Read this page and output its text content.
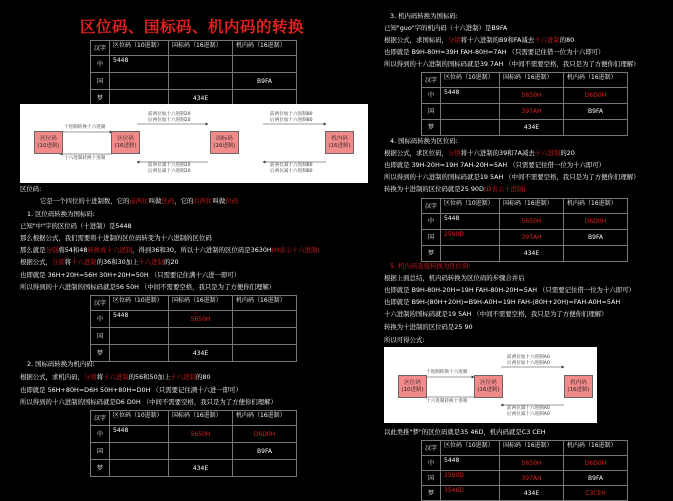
区位码、国标码、机内码的转换
汉字	区位码（10进制）	国标码（16进制）	机内码（16进制）
中	5448		
国			B9FA
梦		434E	
区位码
(10进制)
区位码
(16进制)
国标码
(16进制)
机内码
(16进制)
十进制转换十六进制
十六进制转换十进制
前两位加十六进制20
后两位加十六进制20
前两位减十六进制20
后两位减十六进制20
前两位加十六进制80
后两位加十六进制80
前两位减十六进制80
后两位减十六进制80
区位码:
它是一个四位的十进制数，它的前两位叫做区码，它的后两位叫做位码
1. 区位码转换为国标码:
已知"中"字的区位码（十进制）是5448
那么根据公式，我们需要将十进制的区位码转变为十六进制的区位码
那么就是分别将54和48转换成十六进制，得到36和30。所以十六进制的区位码是3630H(H表示十六进制)
根据公式，分别将十六进制的36和30加上十六进制的20
也即就是 36H+20H=56H 30H+20H=50H （只需要记住满十六进一即可）
所以得到的十六进制的国标码就是56 50H （中间不需要空格，我只是为了方便你们理解）
汉字	区位码（10进制）	国标码（16进制）	机内码（16进制）
中	5448	5650H	
国			
梦		434E	
2. 国标码转换为机内码:
根据公式，求机内码，分别将十六进制的56和50加上十六进制的80
也即就是 56H+80H=D6H 50H+80H=D0H （只需要记住满十六进一即可）
所以得到的十六进制的国标码就是D6 D0H （中间不需要空格，我只是为了方便你们理解）
汉字	区位码（10进制）	国标码（16进制）	机内码（16进制）
中	5448	5650H	D6D0H
国			B9FA
梦		434E	
3. 机内码转换为国标码:
已知"guo"字的机内码（十六进制）是B9FA
根据公式，求国标码，分别将十六进制的B9和FA减去十六进制的80
也即就是 B9H-80H=39H FAH-80H=7AH （只需要记住借一位为十六即可）
所以得到的十六进制的国标码就是39 7AH （中间不需要空格，我只是为了方便你们理解）
汉字	区位码（10进制）	国标码（16进制）	机内码（16进制）
中	5448	5650H	D6D0H
国		397AH	B9FA
梦		434E	
4. 国标码转换为区位码:
根据公式，求区位码，分别将十六进制的39和7A减去十六进制的20
也即就是 39H-20H=19H 7AH-20H=5AH （只需要记住借一位为十六即可）
所以得到的十六进制的国标码就是19 5AH （中间不需要空格，我只是为了方便你们理解）
转换为十进制的区位码就是25 90D(D表示十进制)
汉字	区位码（10进制）	国标码（16进制）	机内码（16进制）
中	5448	5650H	D6D0H
国	2590D	397AH	B9FA
梦		434E	
5. 机内码直接转换为区位码:
根据上面总结，机内码转换为区位码的步骤合并后
也即就是 B9H-80H-20H=19H FAH-80H-20H=5AH （只需要记住借一位为十六即可）
也即就是 B9H-(80H+20H)=B9H-A0H=19H FAH-(80H+20H)=FAH-A0H=5AH
十六进制的国标码就是19 5AH （中间不需要空格，我只是为了方便你们理解）
转换为十进制的区位码是25 90
所以可得公式:
区位码
(10进制)
区位码
(16进制)
机内码
(16进制)
十进制转换十六进制
十六进制转换十进制
前两位加十六进制A0
后两位加十六进制A0
前两位减十六进制A0
后两位减十六进制A0
以此类推"梦"的区位码就是35 46D，机内码就是C3 CEH
汉字	区位码（10进制）	国标码（16进制）	机内码（16进制）
中	5448	5650H	D6D0H
国	2590D	397AH	B9FA
梦	3546D	434E	C3CEH
